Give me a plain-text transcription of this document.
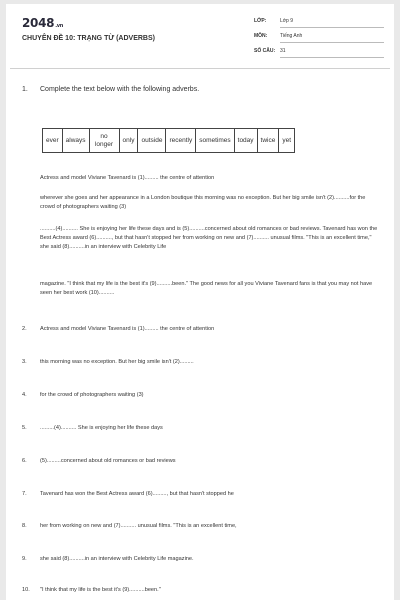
2048.vn
CHUYÊN ĐỀ 10: TRẠNG TỪ (ADVERBS)
LỚP:	Lớp 9
MÔN:	Tiếng Anh
SỐ CÂU: 31
1. Complete the text below with the following adverbs.
ever	always	no longer	only	outside	recently	sometimes	today	twice	yet
Actress and model Viviane Tavenard is (1)......... the centre of attention
wherever she goes and her appearance in a London boutique this morning was no exception. But her big smile isn't (2)..........for the crowd of photographers waiting (3)
..........(4).......... She is enjoying her life these days and is (5)..........concerned about old romances or bad reviews. Tavenard has won the Best Actress award (6).........., but that hasn't stopped her from working on new and (7).......... unusual films. "This is an excellent time," she said (8)..........in an interview with Celebrity Life
magazine. "I think that my life is the best it's (9)..........been." The good news for all you Viviane Tavenard fans is that you may not have seen her best work (10)..........
2. Actress and model Viviane Tavenard is (1)......... the centre of attention
3. this morning was no exception. But her big smile isn't (2).........
4. for the crowd of photographers waiting (3)
5. .........(4).......... She is enjoying her life these days
6. (5).........concerned about old romances or bad reviews
7. Tavenard has won the Best Actress award (6)........., but that hasn't stopped he
8. her from working on new and (7).......... unusual films. "This is an excellent time,
9. she said (8)..........in an interview with Celebrity Life magazine.
10. "I think that my life is the best it's (9)..........been."
